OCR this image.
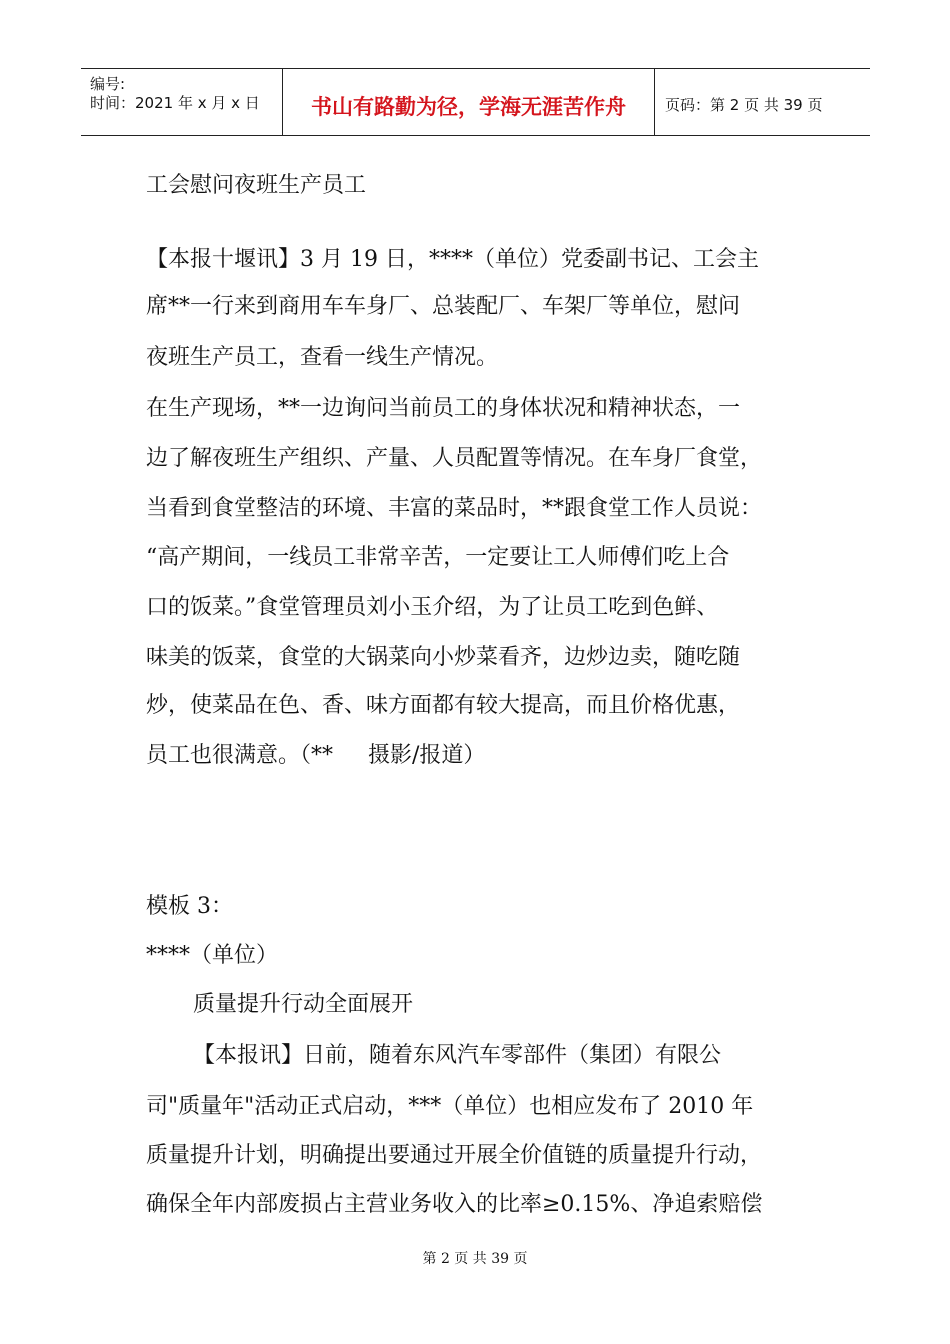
编号:
时间：2021 年 x 月 x 日	书山有路勤为径，学海无涯苦作舟	页码：第 2 页 共 39 页
工会慰问夜班生产员工
【本报十堰讯】3 月 19 日，****（单位）党委副书记、工会主
席**一行来到商用车车身厂、总装配厂、车架厂等单位，慰问
夜班生产员工，查看一线生产情况。
在生产现场，**一边询问当前员工的身体状况和精神状态，一
边了解夜班生产组织、产量、人员配置等情况。在车身厂食堂，
当看到食堂整洁的环境、丰富的菜品时，**跟食堂工作人员说：
“高产期间，一线员工非常辛苦，一定要让工人师傅们吃上合
口的饭菜。”食堂管理员刘小玉介绍，为了让员工吃到色鲜、
味美的饭菜，食堂的大锅菜向小炒菜看齐，边炒边卖，随吃随
炒，使菜品在色、香、味方面都有较大提高，而且价格优惠，
员工也很满意。（**     摄影/报道）
模板 3：
****（单位）
质量提升行动全面展开
【本报讯】日前，随着东风汽车零部件（集团）有限公
司"质量年"活动正式启动，***（单位）也相应发布了 2010 年
质量提升计划，明确提出要通过开展全价值链的质量提升行动，
确保全年内部废损占主营业务收入的比率≥0.15%、净追索赔偿
第 2 页 共 39 页
